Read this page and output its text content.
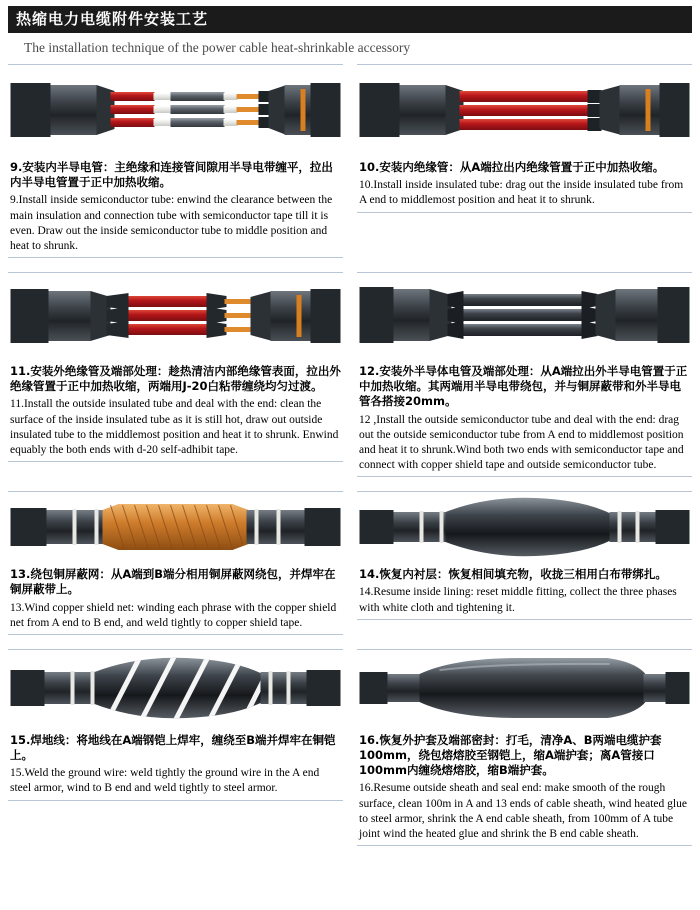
热缩电力电缆附件安装工艺
The installation technique of the power cable heat-shrinkable accessory
9.安装内半导电管：主绝缘和连接管间隙用半导电带缠平，拉出内半导电管置于正中加热收缩。
9.Install inside semiconductor tube: enwind the clearance between the main insulation and connection tube with semiconductor tape till it is even. Draw out the inside semiconductor tube to middle position and heat to shrunk.
10.安装内绝缘管：从A端拉出内绝缘管置于正中加热收缩。
10.Install inside insulated tube: drag out the inside insulated tube from A end to middlemost position and heat it to shrunk.
11.安装外绝缘管及端部处理：趁热清洁内部绝缘管表面，拉出外绝缘管置于正中加热收缩，两端用J-20白粘带缠绕均匀过渡。
11.Install the outside insulated tube and deal with the end: clean the surface of the inside insulated tube as it is still hot, draw out outside insulated tube to the middlemost position and heat it to shrunk. Enwind equably the both ends with d-20 self-adhibit tape.
12.安装外半导体电管及端部处理：从A端拉出外半导电管置于正中加热收缩。其两端用半导电带绕包，并与铜屏蔽带和外半导电管各搭接20mm。
12 ,Install the outside semiconductor tube and deal with the end: drag out the outside semiconductor tube from A end to middlemost position and heat it to shrunk.Wind both two ends with semiconductor tape and connect with copper shield tape and outside semiconductor tube.
13.绕包铜屏蔽网：从A端到B端分相用铜屏蔽网绕包，并焊牢在铜屏蔽带上。
13.Wind copper shield net: winding each phrase with the copper shield net from A end to B end, and weld tightly to copper shield tape.
14.恢复内衬层：恢复相间填充物，收拢三相用白布带绑扎。
14.Resume inside lining: reset middle fitting, collect the three phases with white cloth and tightening it.
15.焊地线：将地线在A端钢铠上焊牢，缠绕至B端并焊牢在铜铠上。
15.Weld the ground wire: weld tightly the ground wire in the A end steel armor, wind to B end and weld tightly to steel armor.
16.恢复外护套及端部密封：打毛，清净A、B两端电缆护套100mm，绕包熔熔胶至钢铠上，缩A端护套；离A管接口100mm内缠绕熔熔胶，缩B端护套。
16.Resume outside sheath and seal end: make smooth of the rough surface, clean 100m in A and 13 ends of cable sheath, wind heated glue to steel armor, shrink the A end cable sheath, from 100mm of A tube joint wind the heated glue and shrink the B end cable sheath.
